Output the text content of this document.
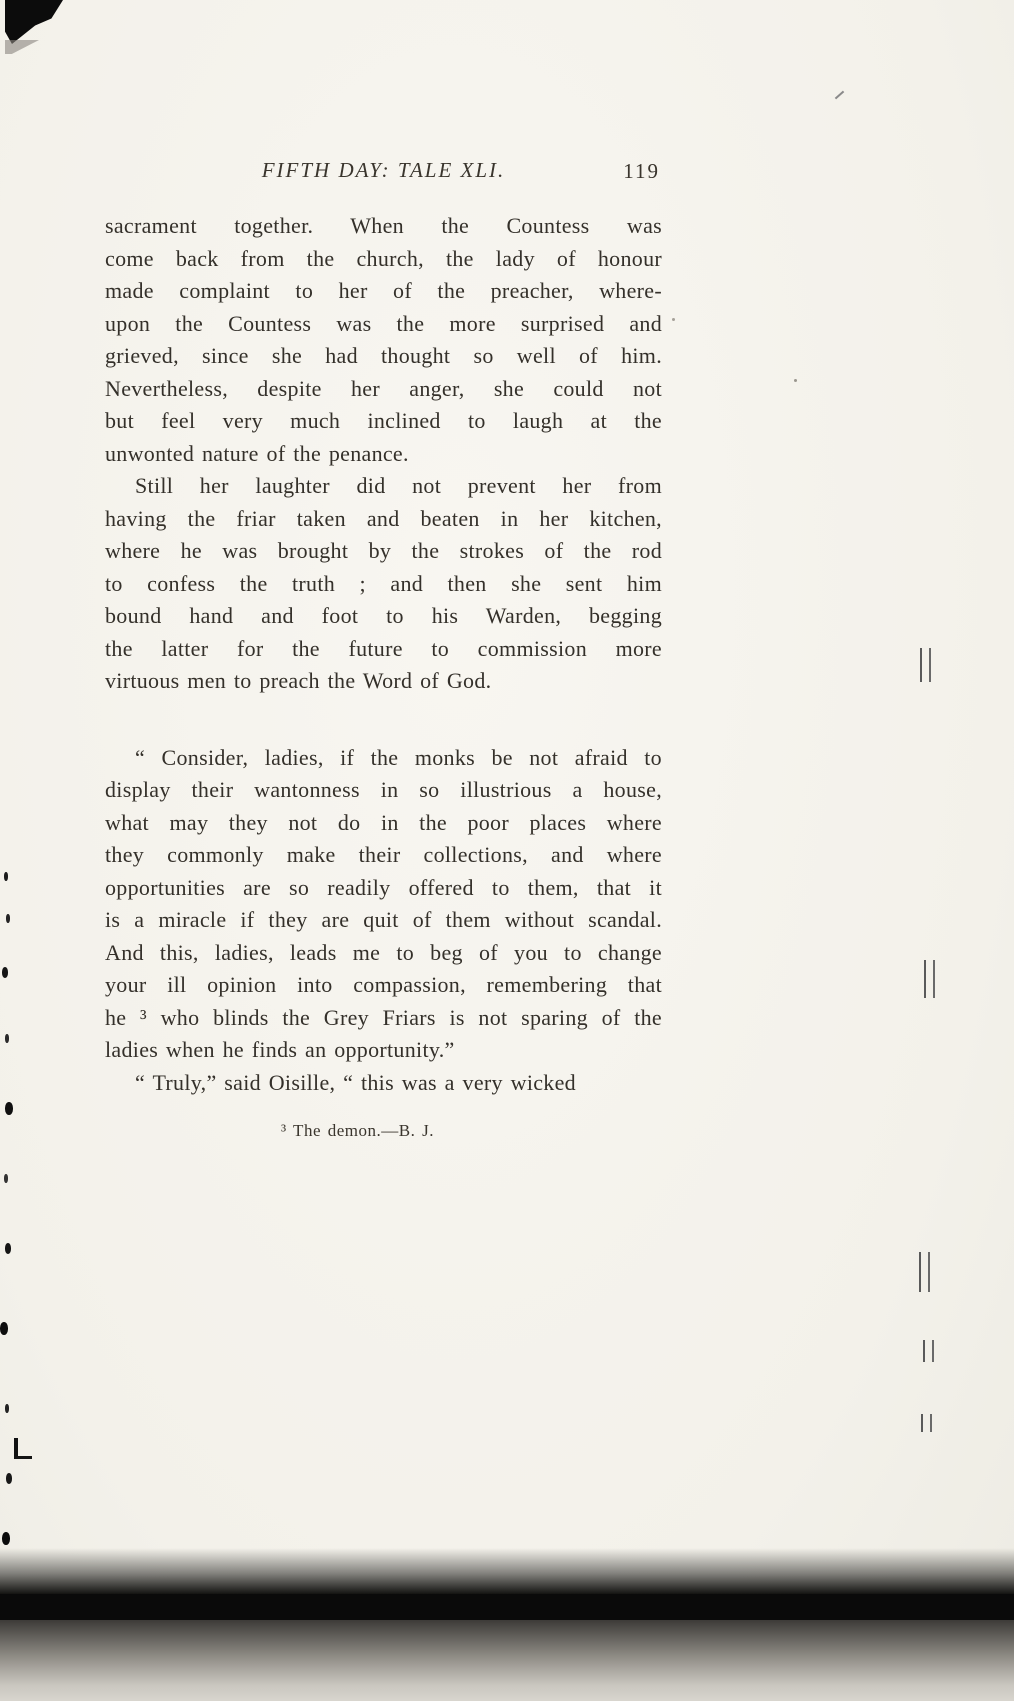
FIFTH DAY: TALE XLI.	119
sacrament together. When the Countess was
come back from the church, the lady of honour
made complaint to her of the preacher, where-
upon the Countess was the more surprised and
grieved, since she had thought so well of him.
Nevertheless, despite her anger, she could not
but feel very much inclined to laugh at the
unwonted nature of the penance.
Still her laughter did not prevent her from
having the friar taken and beaten in her kitchen,
where he was brought by the strokes of the rod
to confess the truth ; and then she sent him
bound hand and foot to his Warden, begging
the latter for the future to commission more
virtuous men to preach the Word of God.
“ Consider, ladies, if the monks be not afraid to
display their wantonness in so illustrious a house,
what may they not do in the poor places where
they commonly make their collections, and where
opportunities are so readily offered to them, that it
is a miracle if they are quit of them without scandal.
And this, ladies, leads me to beg of you to change
your ill opinion into compassion, remembering that
he ³ who blinds the Grey Friars is not sparing of the
ladies when he finds an opportunity.”
“ Truly,” said Oisille, “ this was a very wicked
³ The demon.—B. J.
